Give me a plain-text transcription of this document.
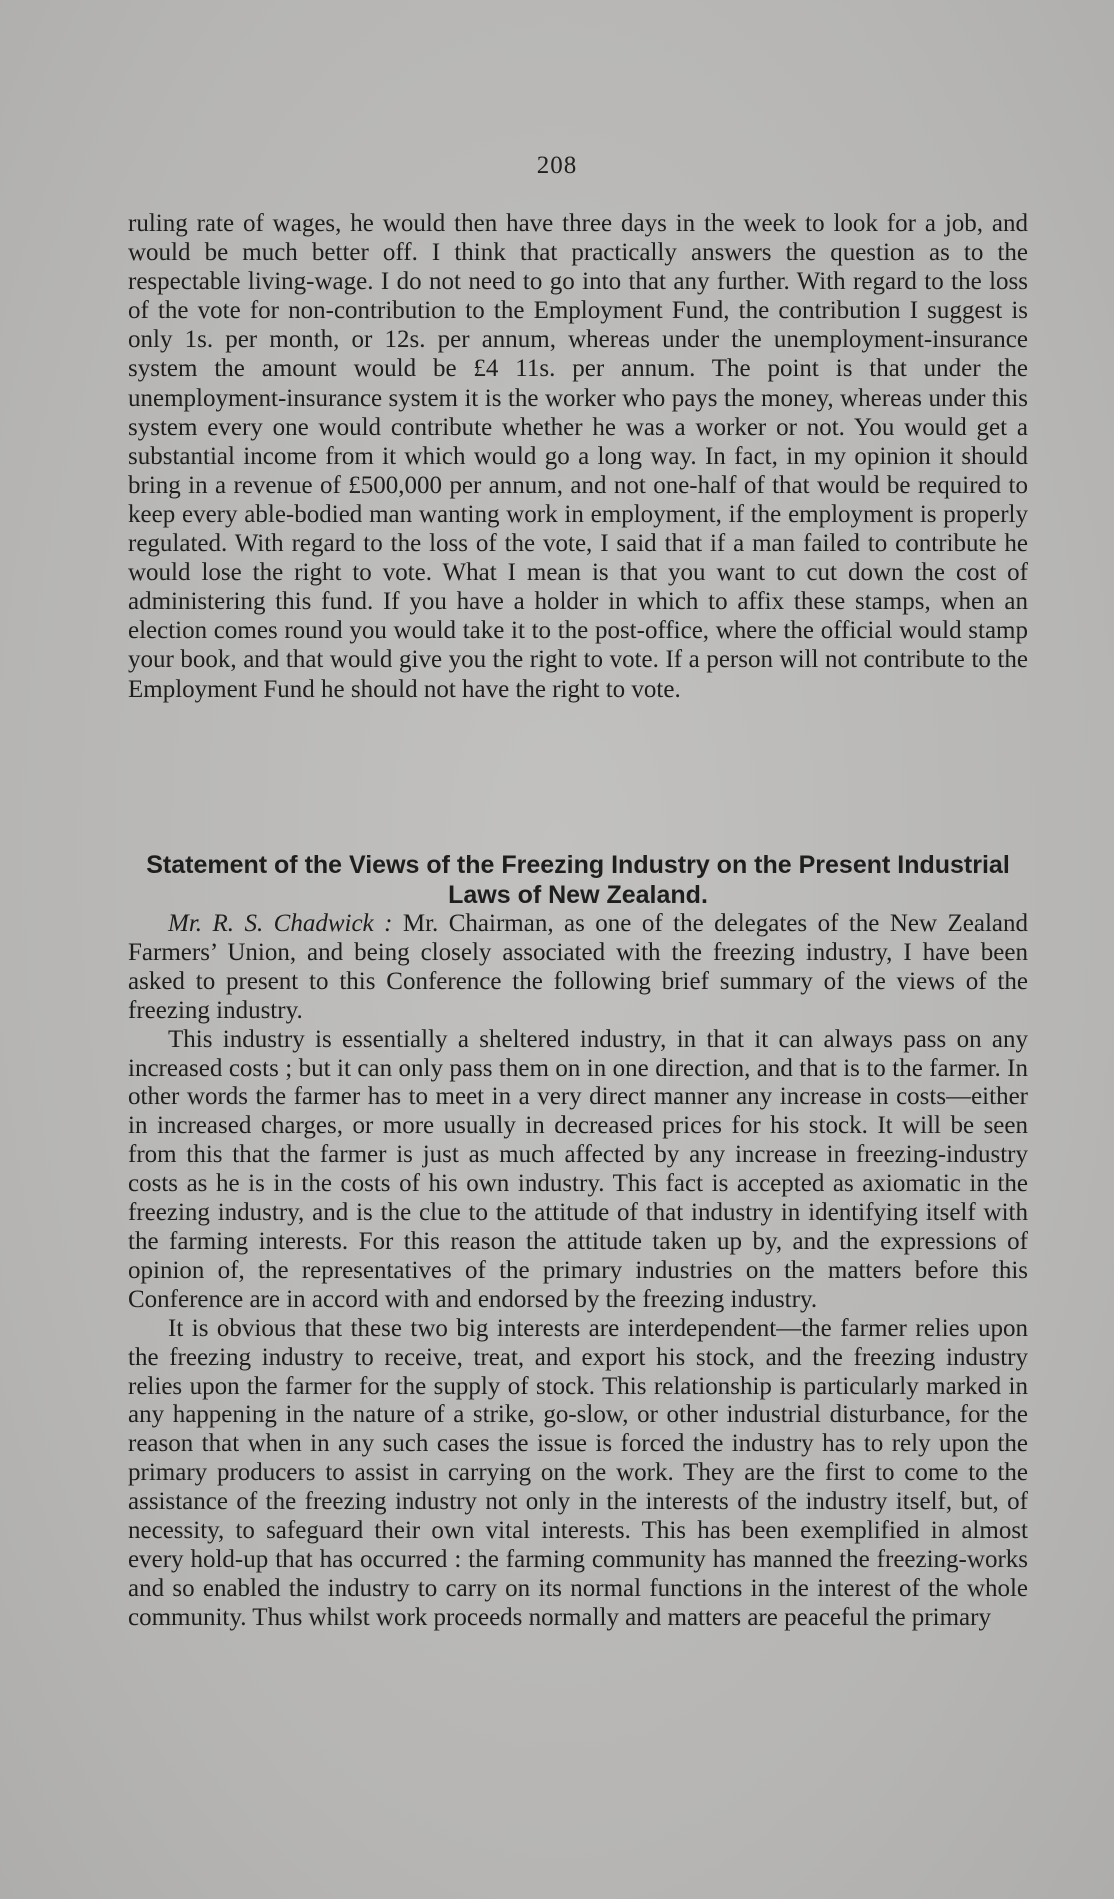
208

ruling rate of wages, he would then have three days in the week to look for a job, and would be much better off. I think that practically answers the question as to the respectable living-wage. I do not need to go into that any further. With regard to the loss of the vote for non-contribution to the Employment Fund, the contribution I suggest is only 1s. per month, or 12s. per annum, whereas under the unemployment-insurance system the amount would be £4 11s. per annum. The point is that under the unemployment-insurance system it is the worker who pays the money, whereas under this system every one would contribute whether he was a worker or not. You would get a substantial income from it which would go a long way. In fact, in my opinion it should bring in a revenue of £500,000 per annum, and not one-half of that would be required to keep every able-bodied man wanting work in employment, if the employment is properly regulated. With regard to the loss of the vote, I said that if a man failed to contribute he would lose the right to vote. What I mean is that you want to cut down the cost of administering this fund. If you have a holder in which to affix these stamps, when an election comes round you would take it to the post-office, where the official would stamp your book, and that would give you the right to vote. If a person will not contribute to the Employment Fund he should not have the right to vote.

Statement of the Views of the Freezing Industry on the Present Industrial Laws of New Zealand.

Mr. R. S. Chadwick : Mr. Chairman, as one of the delegates of the New Zealand Farmers’ Union, and being closely associated with the freezing industry, I have been asked to present to this Conference the following brief summary of the views of the freezing industry.

This industry is essentially a sheltered industry, in that it can always pass on any increased costs ; but it can only pass them on in one direction, and that is to the farmer. In other words the farmer has to meet in a very direct manner any increase in costs—either in increased charges, or more usually in decreased prices for his stock. It will be seen from this that the farmer is just as much affected by any increase in freezing-industry costs as he is in the costs of his own industry. This fact is accepted as axiomatic in the freezing industry, and is the clue to the attitude of that industry in identifying itself with the farming interests. For this reason the attitude taken up by, and the expressions of opinion of, the representatives of the primary industries on the matters before this Conference are in accord with and endorsed by the freezing industry.

It is obvious that these two big interests are interdependent—the farmer relies upon the freezing industry to receive, treat, and export his stock, and the freezing industry relies upon the farmer for the supply of stock. This relationship is particularly marked in any happening in the nature of a strike, go-slow, or other industrial disturbance, for the reason that when in any such cases the issue is forced the industry has to rely upon the primary producers to assist in carrying on the work. They are the first to come to the assistance of the freezing industry not only in the interests of the industry itself, but, of necessity, to safeguard their own vital interests. This has been exemplified in almost every hold-up that has occurred : the farming community has manned the freezing-works and so enabled the industry to carry on its normal functions in the interest of the whole community. Thus whilst work proceeds normally and matters are peaceful the primary
